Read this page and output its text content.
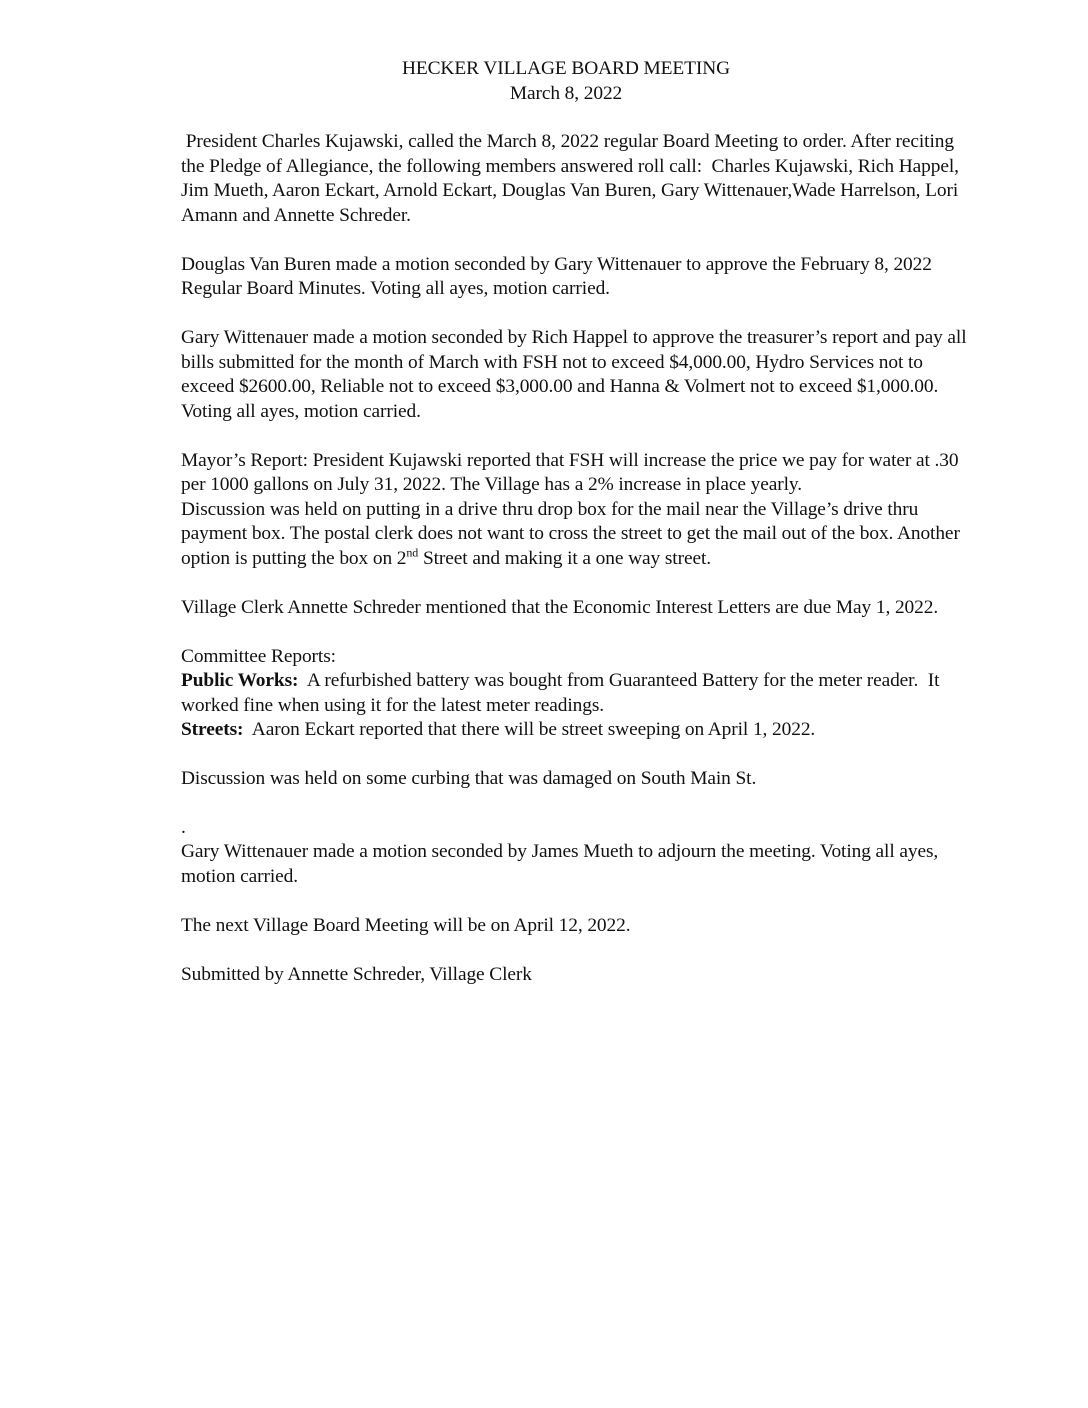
HECKER VILLAGE BOARD MEETING
March 8, 2022

President Charles Kujawski, called the March 8, 2022 regular Board Meeting to order. After reciting the Pledge of Allegiance, the following members answered roll call:  Charles Kujawski, Rich Happel, Jim Mueth, Aaron Eckart, Arnold Eckart, Douglas Van Buren, Gary Wittenauer,Wade Harrelson, Lori Amann and Annette Schreder.

Douglas Van Buren made a motion seconded by Gary Wittenauer to approve the February 8, 2022 Regular Board Minutes. Voting all ayes, motion carried.

Gary Wittenauer made a motion seconded by Rich Happel to approve the treasurer’s report and pay all bills submitted for the month of March with FSH not to exceed $4,000.00, Hydro Services not to exceed $2600.00, Reliable not to exceed $3,000.00 and Hanna & Volmert not to exceed $1,000.00. Voting all ayes, motion carried.

Mayor’s Report: President Kujawski reported that FSH will increase the price we pay for water at .30 per 1000 gallons on July 31, 2022. The Village has a 2% increase in place yearly.

Discussion was held on putting in a drive thru drop box for the mail near the Village’s drive thru payment box. The postal clerk does not want to cross the street to get the mail out of the box. Another option is putting the box on 2nd Street and making it a one way street.

Village Clerk Annette Schreder mentioned that the Economic Interest Letters are due May 1, 2022.

Committee Reports:

Public Works:  A refurbished battery was bought from Guaranteed Battery for the meter reader.  It worked fine when using it for the latest meter readings.

Streets:  Aaron Eckart reported that there will be street sweeping on April 1, 2022.

Discussion was held on some curbing that was damaged on South Main St.

.

Gary Wittenauer made a motion seconded by James Mueth to adjourn the meeting. Voting all ayes, motion carried.

The next Village Board Meeting will be on April 12, 2022.

Submitted by Annette Schreder, Village Clerk
